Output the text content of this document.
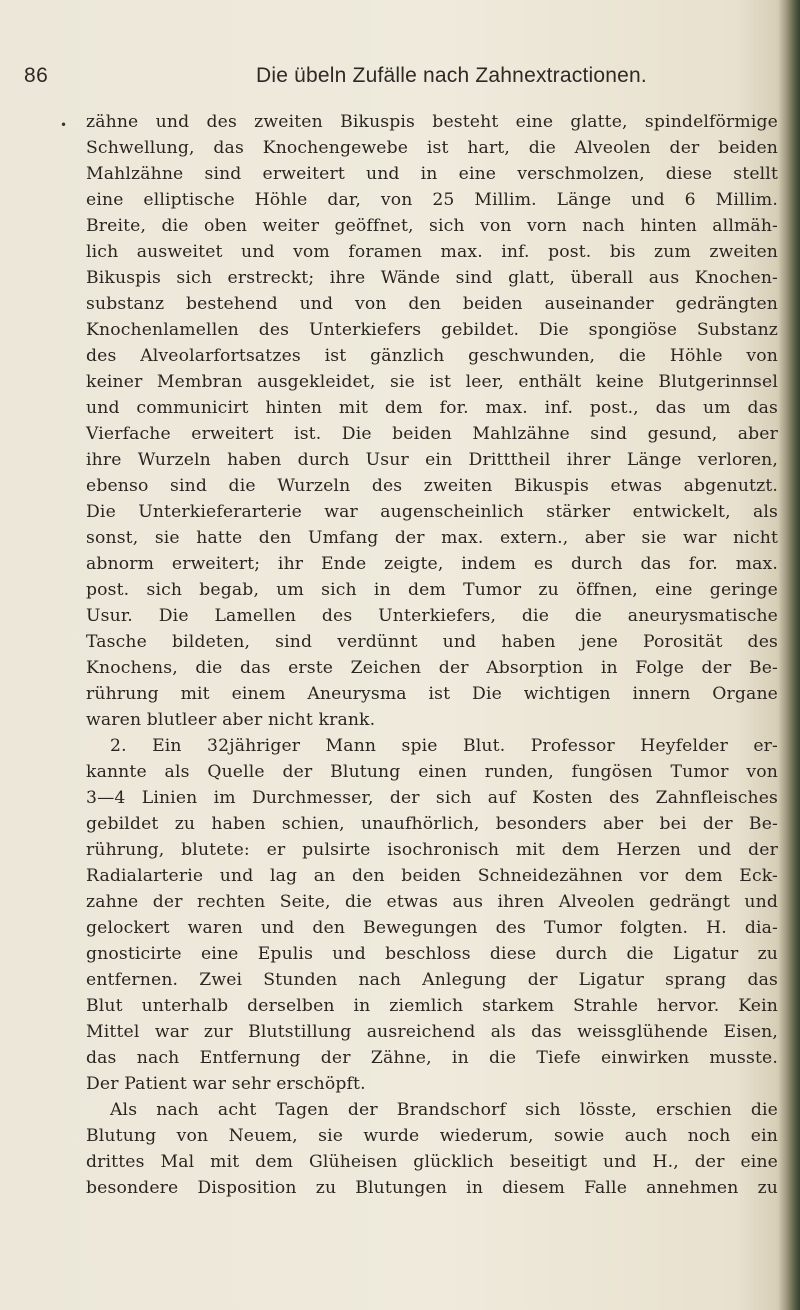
86	Die übeln Zufälle nach Zahnextractionen.
• zähne und des zweiten Bikuspis besteht eine glatte, spindelförmige
Schwellung, das Knochengewebe ist hart, die Alveolen der beiden
Mahlzähne sind erweitert und in eine verschmolzen, diese stellt
eine elliptische Höhle dar, von 25 Millim. Länge und 6 Millim.
Breite, die oben weiter geöffnet, sich von vorn nach hinten allmäh-
lich ausweitet und vom foramen max. inf. post. bis zum zweiten
Bikuspis sich erstreckt; ihre Wände sind glatt, überall aus Knochen-
substanz bestehend und von den beiden auseinander gedrängten
Knochenlamellen des Unterkiefers gebildet. Die spongiöse Substanz
des Alveolarfortsatzes ist gänzlich geschwunden, die Höhle von
keiner Membran ausgekleidet, sie ist leer, enthält keine Blutgerinnsel
und communicirt hinten mit dem for. max. inf. post., das um das
Vierfache erweitert ist. Die beiden Mahlzähne sind gesund, aber
ihre Wurzeln haben durch Usur ein Dritttheil ihrer Länge verloren,
ebenso sind die Wurzeln des zweiten Bikuspis etwas abgenutzt.
Die Unterkieferarterie war augenscheinlich stärker entwickelt, als
sonst, sie hatte den Umfang der max. extern., aber sie war nicht
abnorm erweitert; ihr Ende zeigte, indem es durch das for. max.
post. sich begab, um sich in dem Tumor zu öffnen, eine geringe
Usur. Die Lamellen des Unterkiefers, die die aneurysmatische
Tasche bildeten, sind verdünnt und haben jene Porosität des
Knochens, die das erste Zeichen der Absorption in Folge der Be-
rührung mit einem Aneurysma ist Die wichtigen innern Organe
waren blutleer aber nicht krank.
2. Ein 32jähriger Mann spie Blut. Professor Heyfelder er-
kannte als Quelle der Blutung einen runden, fungösen Tumor von
3—4 Linien im Durchmesser, der sich auf Kosten des Zahnfleisches
gebildet zu haben schien, unaufhörlich, besonders aber bei der Be-
rührung, blutete: er pulsirte isochronisch mit dem Herzen und der
Radialarterie und lag an den beiden Schneidezähnen vor dem Eck-
zahne der rechten Seite, die etwas aus ihren Alveolen gedrängt und
gelockert waren und den Bewegungen des Tumor folgten. H. dia-
gnosticirte eine Epulis und beschloss diese durch die Ligatur zu
entfernen. Zwei Stunden nach Anlegung der Ligatur sprang das
Blut unterhalb derselben in ziemlich starkem Strahle hervor. Kein
Mittel war zur Blutstillung ausreichend als das weissglühende Eisen,
das nach Entfernung der Zähne, in die Tiefe einwirken musste.
Der Patient war sehr erschöpft.
Als nach acht Tagen der Brandschorf sich lösste, erschien die
Blutung von Neuem, sie wurde wiederum, sowie auch noch ein
drittes Mal mit dem Glüheisen glücklich beseitigt und H., der eine
besondere Disposition zu Blutungen in diesem Falle annehmen zu
